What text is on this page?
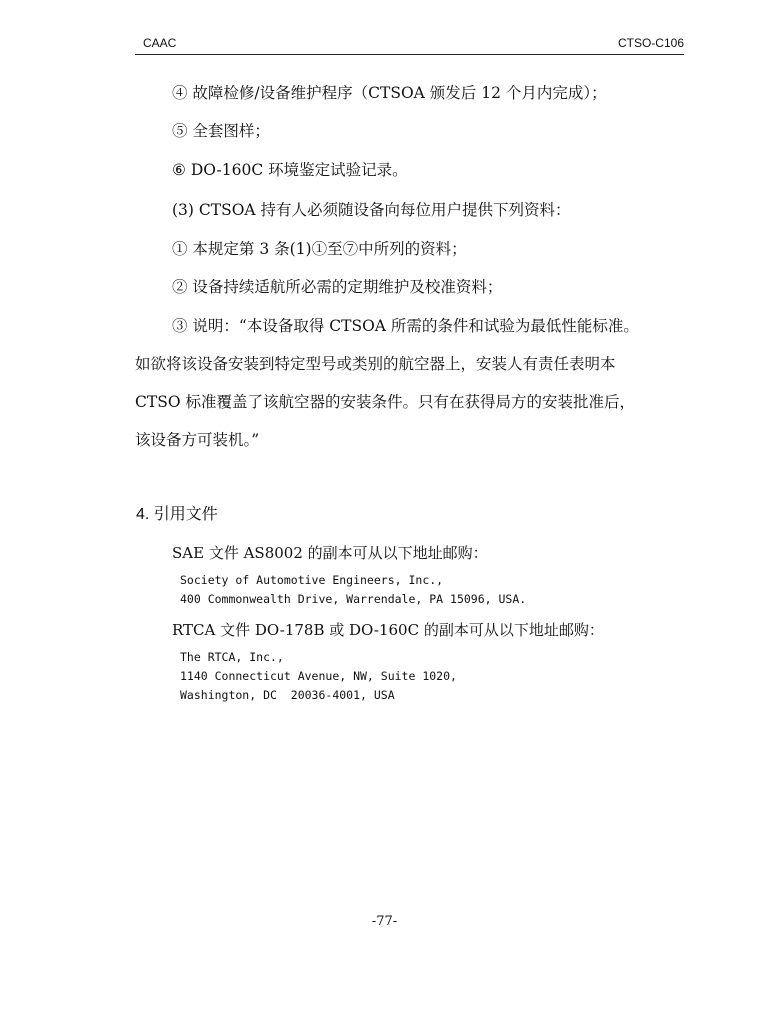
CAAC	CTSO-C106
④ 故障检修/设备维护程序（CTSOA 颁发后 12 个月内完成）；
⑤ 全套图样；
⑥ DO-160C 环境鉴定试验记录。
(3) CTSOA 持有人必须随设备向每位用户提供下列资料：
① 本规定第 3 条(1)①至⑦中所列的资料；
② 设备持续适航所必需的定期维护及校准资料；
③ 说明：“本设备取得 CTSOA 所需的条件和试验为最低性能标准。
如欲将该设备安装到特定型号或类别的航空器上，安装人有责任表明本
CTSO 标准覆盖了该航空器的安装条件。只有在获得局方的安装批准后，
该设备方可装机。”
4. 引用文件
SAE 文件 AS8002 的副本可从以下地址邮购：
Society of Automotive Engineers, Inc.,
400 Commonwealth Drive, Warrendale, PA 15096, USA.
RTCA 文件 DO-178B 或 DO-160C 的副本可从以下地址邮购：
The RTCA, Inc.,
1140 Connecticut Avenue, NW, Suite 1020,
Washington, DC  20036-4001, USA
-77-
